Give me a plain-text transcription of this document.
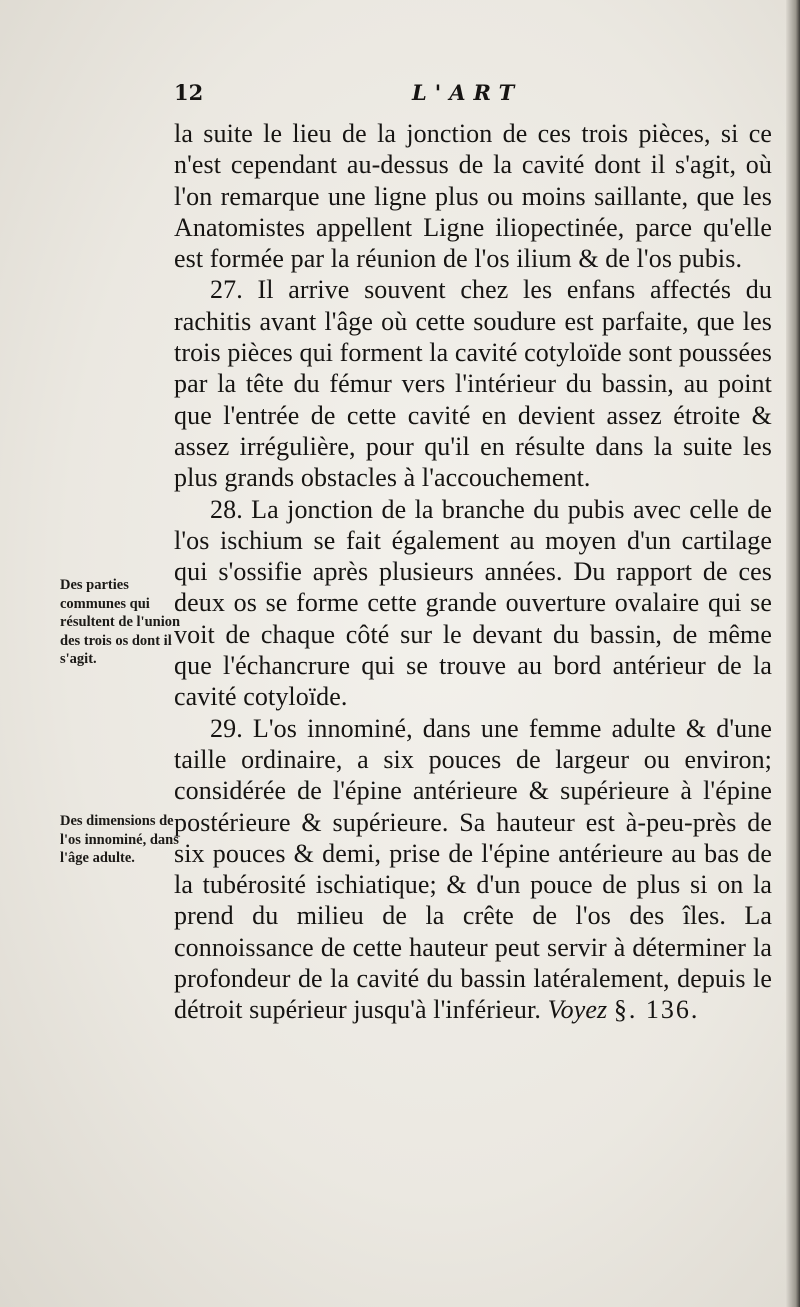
12	L'ART

la suite le lieu de la jonction de ces trois pièces, si ce n'est cependant au-dessus de la cavité dont il s'agit, où l'on remarque une ligne plus ou moins saillante, que les Anatomistes appellent Ligne iliopectinée, parce qu'elle est formée par la réunion de l'os ilium & de l'os pubis.

27. Il arrive souvent chez les enfans affectés du rachitis avant l'âge où cette soudure est parfaite, que les trois pièces qui forment la cavité cotyloïde sont poussées par la tête du fémur vers l'intérieur du bassin, au point que l'entrée de cette cavité en devient assez étroite & assez irrégulière, pour qu'il en résulte dans la suite les plus grands obstacles à l'accouchement.

28. La jonction de la branche du pubis avec celle de l'os ischium se fait également au moyen d'un cartilage qui s'ossifie après plusieurs années. Du rapport de ces deux os se forme cette grande ouverture ovalaire qui se voit de chaque côté sur le devant du bassin, de même que l'échancrure qui se trouve au bord antérieur de la cavité cotyloïde.

29. L'os innominé, dans une femme adulte & d'une taille ordinaire, a six pouces de largeur ou environ; considérée de l'épine antérieure & supérieure à l'épine postérieure & supérieure. Sa hauteur est à-peu-près de six pouces & demi, prise de l'épine antérieure au bas de la tubérosité ischiatique; & d'un pouce de plus si on la prend du milieu de la crête de l'os des îles. La connoissance de cette hauteur peut servir à déterminer la profondeur de la cavité du bassin latéralement, depuis le détroit supérieur jusqu'à l'inférieur. Voyez §. 136.

Des parties communes qui résultent de l'union des trois os dont il s'agit.
Des dimensions de l'os innominé, dans l'âge adulte.
